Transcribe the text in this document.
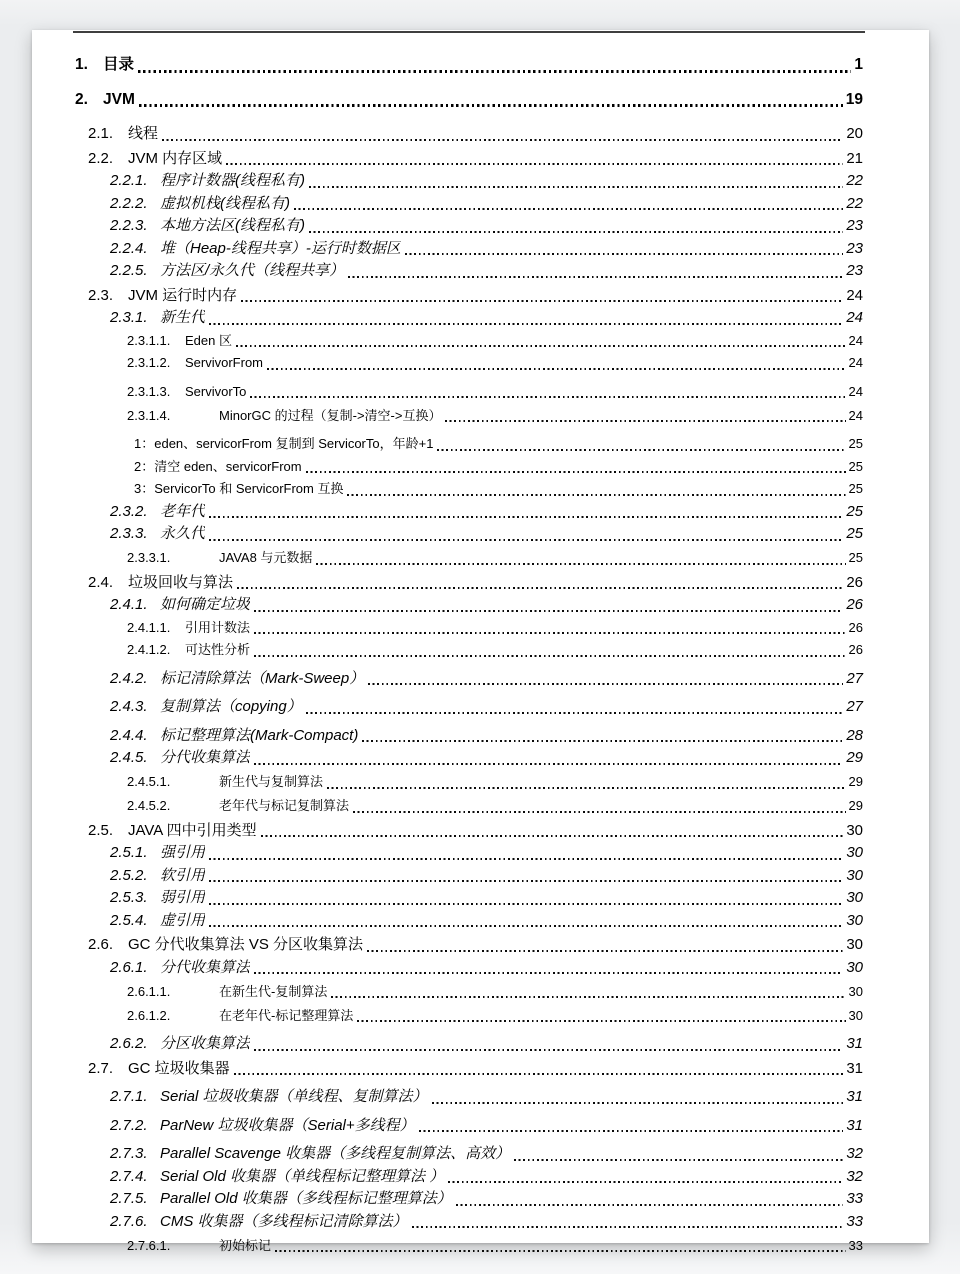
1. 目录	1
2. JVM	19
2.1. 线程	20
2.2. JVM 内存区域	21
2.2.1. 程序计数器(线程私有)	22
2.2.2. 虚拟机栈(线程私有)	22
2.2.3. 本地方法区(线程私有)	23
2.2.4. 堆（Heap-线程共享）-运行时数据区	23
2.2.5. 方法区/永久代（线程共享）	23
2.3. JVM 运行时内存	24
2.3.1. 新生代	24
2.3.1.1.	Eden 区	24
2.3.1.2.	ServivorFrom	24
2.3.1.3.	ServivorTo	24
2.3.1.4.	MinorGC 的过程（复制->清空->互换）	24
1：eden、servicorFrom 复制到 ServicorTo，年龄+1	25
2：清空 eden、servicorFrom	25
3：ServicorTo 和 ServicorFrom 互换	25
2.3.2. 老年代	25
2.3.3. 永久代	25
2.3.3.1.	JAVA8 与元数据	25
2.4. 垃圾回收与算法	26
2.4.1. 如何确定垃圾	26
2.4.1.1.	引用计数法	26
2.4.1.2.	可达性分析	26
2.4.2. 标记清除算法（Mark-Sweep）	27
2.4.3. 复制算法（copying）	27
2.4.4. 标记整理算法(Mark-Compact)	28
2.4.5. 分代收集算法	29
2.4.5.1.	新生代与复制算法	29
2.4.5.2.	老年代与标记复制算法	29
2.5. JAVA 四中引用类型	30
2.5.1. 强引用	30
2.5.2. 软引用	30
2.5.3. 弱引用	30
2.5.4. 虚引用	30
2.6. GC 分代收集算法 VS 分区收集算法	30
2.6.1. 分代收集算法	30
2.6.1.1.	在新生代-复制算法	30
2.6.1.2.	在老年代-标记整理算法	30
2.6.2. 分区收集算法	31
2.7. GC 垃圾收集器	31
2.7.1. Serial 垃圾收集器（单线程、复制算法）	31
2.7.2. ParNew 垃圾收集器（Serial+多线程）	31
2.7.3. Parallel Scavenge 收集器（多线程复制算法、高效）	32
2.7.4. Serial Old 收集器（单线程标记整理算法 ）	32
2.7.5. Parallel Old 收集器（多线程标记整理算法）	33
2.7.6. CMS 收集器（多线程标记清除算法）	33
2.7.6.1.	初始标记	33
